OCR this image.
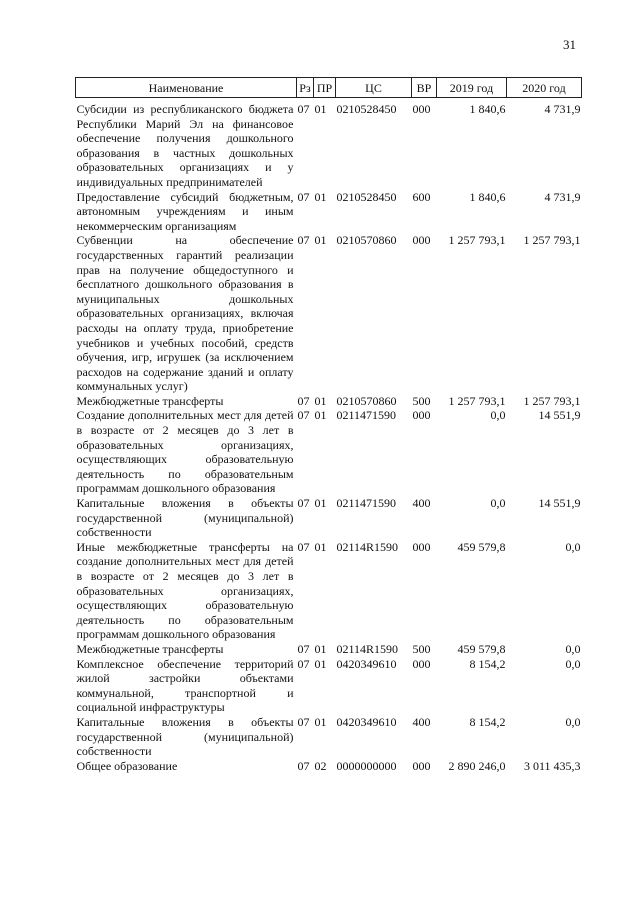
31
Наименование	Рз	ПР	ЦС	ВР	2019 год	2020 год
Субсидии из республиканского бюджета Республики Марий Эл на финансовое обеспечение получения дошкольного образования в частных дошкольных образовательных организациях и у индивидуальных предпринимателей	07	01	0210528450	000	1 840,6	4 731,9
Предоставление субсидий бюджетным, автономным учреждениям и иным некоммерческим организациям	07	01	0210528450	600	1 840,6	4 731,9
Субвенции на обеспечение государственных гарантий реализации прав на получение общедоступного и бесплатного дошкольного образования в муниципальных дошкольных образовательных организациях, включая расходы на оплату труда, приобретение учебников и учебных пособий, средств обучения, игр, игрушек (за исключением расходов на содержание зданий и оплату коммунальных услуг)	07	01	0210570860	000	1 257 793,1	1 257 793,1
Межбюджетные трансферты	07	01	0210570860	500	1 257 793,1	1 257 793,1
Создание дополнительных мест для детей в возрасте от 2 месяцев до 3 лет в образовательных организациях, осуществляющих образовательную деятельность по образовательным программам дошкольного образования	07	01	0211471590	000	0,0	14 551,9
Капитальные вложения в объекты государственной (муниципальной) собственности	07	01	0211471590	400	0,0	14 551,9
Иные межбюджетные трансферты на создание дополнительных мест для детей в возрасте от 2 месяцев до 3 лет в образовательных организациях, осуществляющих образовательную деятельность по образовательным программам дошкольного образования	07	01	02114R1590	000	459 579,8	0,0
Межбюджетные трансферты	07	01	02114R1590	500	459 579,8	0,0
Комплексное обеспечение территорий жилой застройки объектами коммунальной, транспортной и социальной инфраструктуры	07	01	0420349610	000	8 154,2	0,0
Капитальные вложения в объекты государственной (муниципальной) собственности	07	01	0420349610	400	8 154,2	0,0
Общее образование	07	02	0000000000	000	2 890 246,0	3 011 435,3
